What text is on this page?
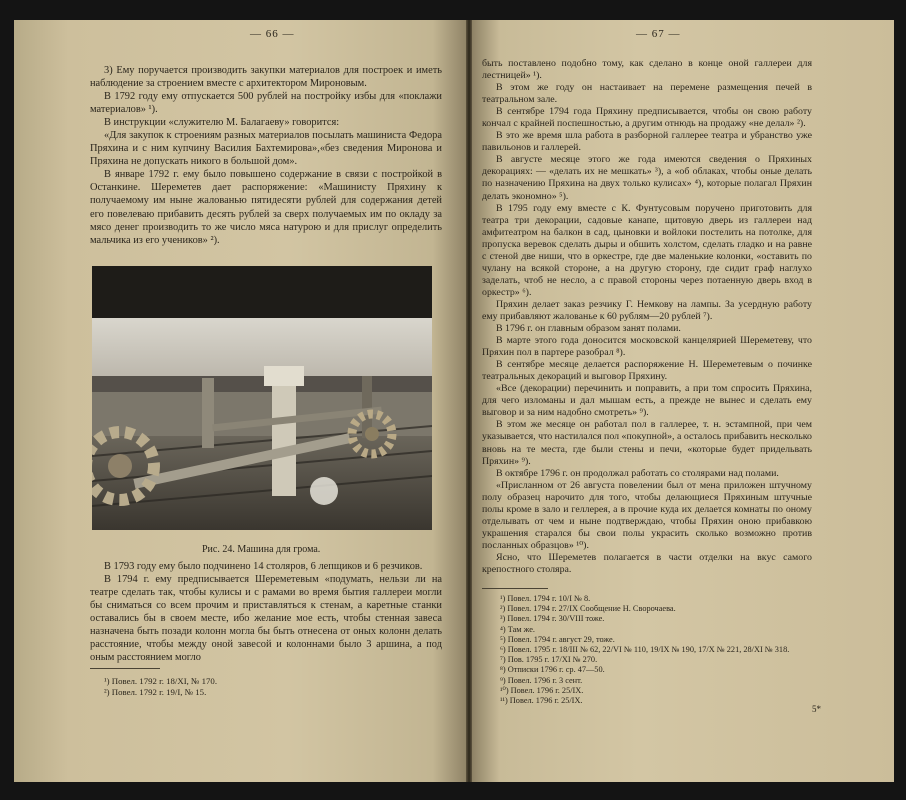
— 66 —

3) Ему поручается производить закупки материалов для построек и иметь наблюдение за строением вместе с архитектором Мироновым.

В 1792 году ему отпускается 500 рублей на постройку избы для «поклажи материалов» ¹).

В инструкции «служителю М. Балагаеву» говорится:

«Для закупок к строениям разных материалов посылать машиниста Федора Пряхина и с ним купчину Василия Бахтемирова»,«без сведения Миронова и Пряхина не допускать никого в большой дом».

В январе 1792 г. ему было повышено содержание в связи с постройкой в Останкине. Шереметев дает распоряжение: «Машинисту Пряхину к получаемому им ныне жалованью пятидесяти рублей для содержания детей его повелеваю прибавить десять рублей за сверх получаемых им по окладу за мясо денег производить то же число мяса натурою и для прислуг определить мальчика из его учеников» ²).

Рис. 24. Машина для грома.

В 1793 году ему было подчинено 14 столяров, 6 лепщиков и 6 резчиков.

В 1794 г. ему предписывается Шереметевым «подумать, нельзи ли на театре сделать так, чтобы кулисы и с рамами во время бытия галлереи могли бы сниматься со всем прочим и приставляться к стенам, а каретные станки оставались бы в своем месте, ибо желание мое есть, чтобы стенная завеса назначена быть позади колонн могла бы быть отнесена от оных колонн делать расстояние, чтобы между оной завесой и колоннами было 3 аршина, а под оным расстоянием могло

¹) Повел. 1792 г. 18/XI, № 170.
²) Повел. 1792 г. 19/I, № 15.
— 67 —

быть поставлено подобно тому, как сделано в конце оной галлереи для лестницей» ¹).

В этом же году он настаивает на перемене размещения печей в театральном зале.

В сентябре 1794 года Пряхину предписывается, чтобы он свою работу кончал с крайней поспешностью, а другим отнюдь на продажу «не делал» ²).

В это же время шла работа в разборной галлерее театра и убранство уже павильонов и галлерей.

В августе месяце этого же года имеются сведения о Пряхиных декорациях: — «делать их не мешкать» ³), а «об облаках, чтобы оные делать по назначению Пряхина на двух только кулисах» ⁴), которые полагал Пряхин делать экономно» ⁵).

В 1795 году ему вместе с К. Фунтусовым поручено приготовить для театра три декорации, садовые канапе, щитовую дверь из галлереи над амфитеатром на балкон в сад, цыновки и войлоки постелить на потолке, для пропуска веревок сделать дыры и обшить холстом, сделать гладко и на равне с стеной две ниши, что в оркестре, где две маленькие колонки, «оставить по чулану на всякой стороне, а на другую сторону, где сидит граф наглухо заделать, чтоб не несло, а с правой стороны через потаенную дверь вход в оркестр» ⁶).

Пряхин делает заказ резчику Г. Немкову на лампы. За усердную работу ему прибавляют жалованье к 60 рублям—20 рублей ⁷).

В 1796 г. он главным образом занят полами.

В марте этого года доносится московской канцелярией Шереметеву, что Пряхин пол в партере разобрал ⁸).

В сентябре месяце делается распоряжение Н. Шереметевым о починке театральных декораций и выговор Пряхину.

«Все (декорации) перечинить и поправить, а при том спросить Пряхина, для чего изломаны и дал мышам есть, а прежде не вынес и сделать ему выговор и за ним надобно смотреть» ⁹).

В этом же месяце он работал пол в галлерее, т. н. эстампной, при чем указывается, что настилался пол «покупной», а осталось прибавить несколько вновь на те места, где были стены и печи, «которые будет придельвать Пряхин» ⁹).

В октябре 1796 г. он продолжал работать со столярами над полами.

«Присланном от 26 августа повелении был от мена приложен штучному полу образец нарочито для того, чтобы делающиеся Пряхиным штучные полы кроме в зало и геллерея, а в прочие куда их делается комнаты по оному отделывать от чем и ныне подтверждаю, чтобы Пряхин оною прибавкою украшения старался бы свои полы украсить сколько возможно против посланных образцов» ¹⁰).

Ясно, что Шереметев полагается в части отделки на вкус самого крепостного столяра.

¹) Повел. 1794 г. 10/I № 8.
²) Повел. 1794 г. 27/IX Сообщение Н. Сворочаева.
³) Повел. 1794 г. 30/VIII тоже.
⁴) Там же.
⁵) Повел. 1794 г. август 29, тоже.
⁶) Повел. 1795 г. 18/III № 62, 22/VI № 110, 19/IX № 190, 17/X № 221, 28/XI № 318.
⁷) Пов. 1795 г. 17/XI № 270.
⁸) Отписки 1796 г. ср. 47—50.
⁹) Повел. 1796 г. 3 сент.
¹⁰) Повел. 1796 г. 25/IX.
¹¹) Повел. 1796 г. 25/IX.
5*
